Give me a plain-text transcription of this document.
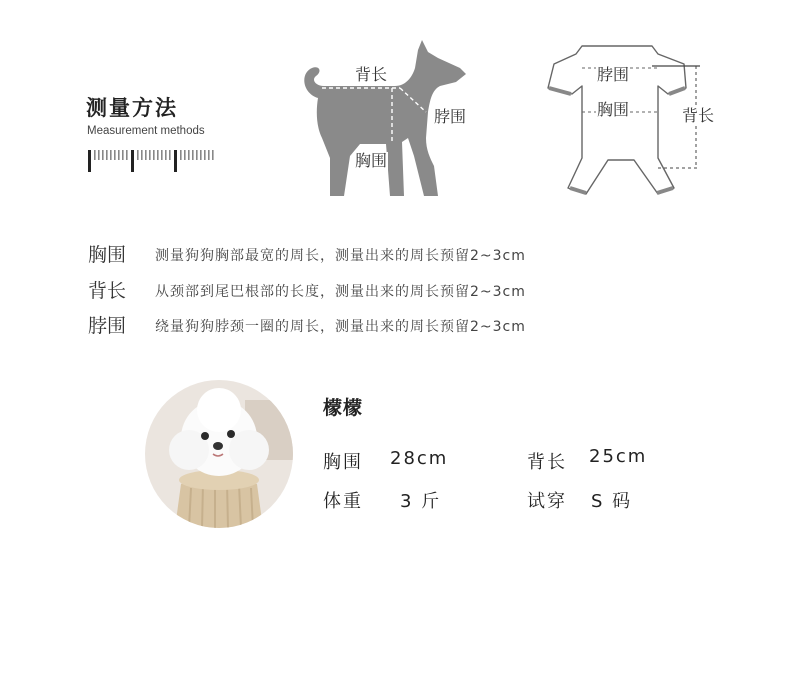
测量方法
Measurement methods
背长
脖围
胸围
脖围
胸围	背长
胸围 测量狗狗胸部最宽的周长，测量出来的周长预留2~3cm
背长 从颈部到尾巴根部的长度，测量出来的周长预留2~3cm
脖围 绕量狗狗脖颈一圈的周长，测量出来的周长预留2~3cm
檬檬
胸围 28cm	背长 25cm
体重 3 斤	试穿 S 码
